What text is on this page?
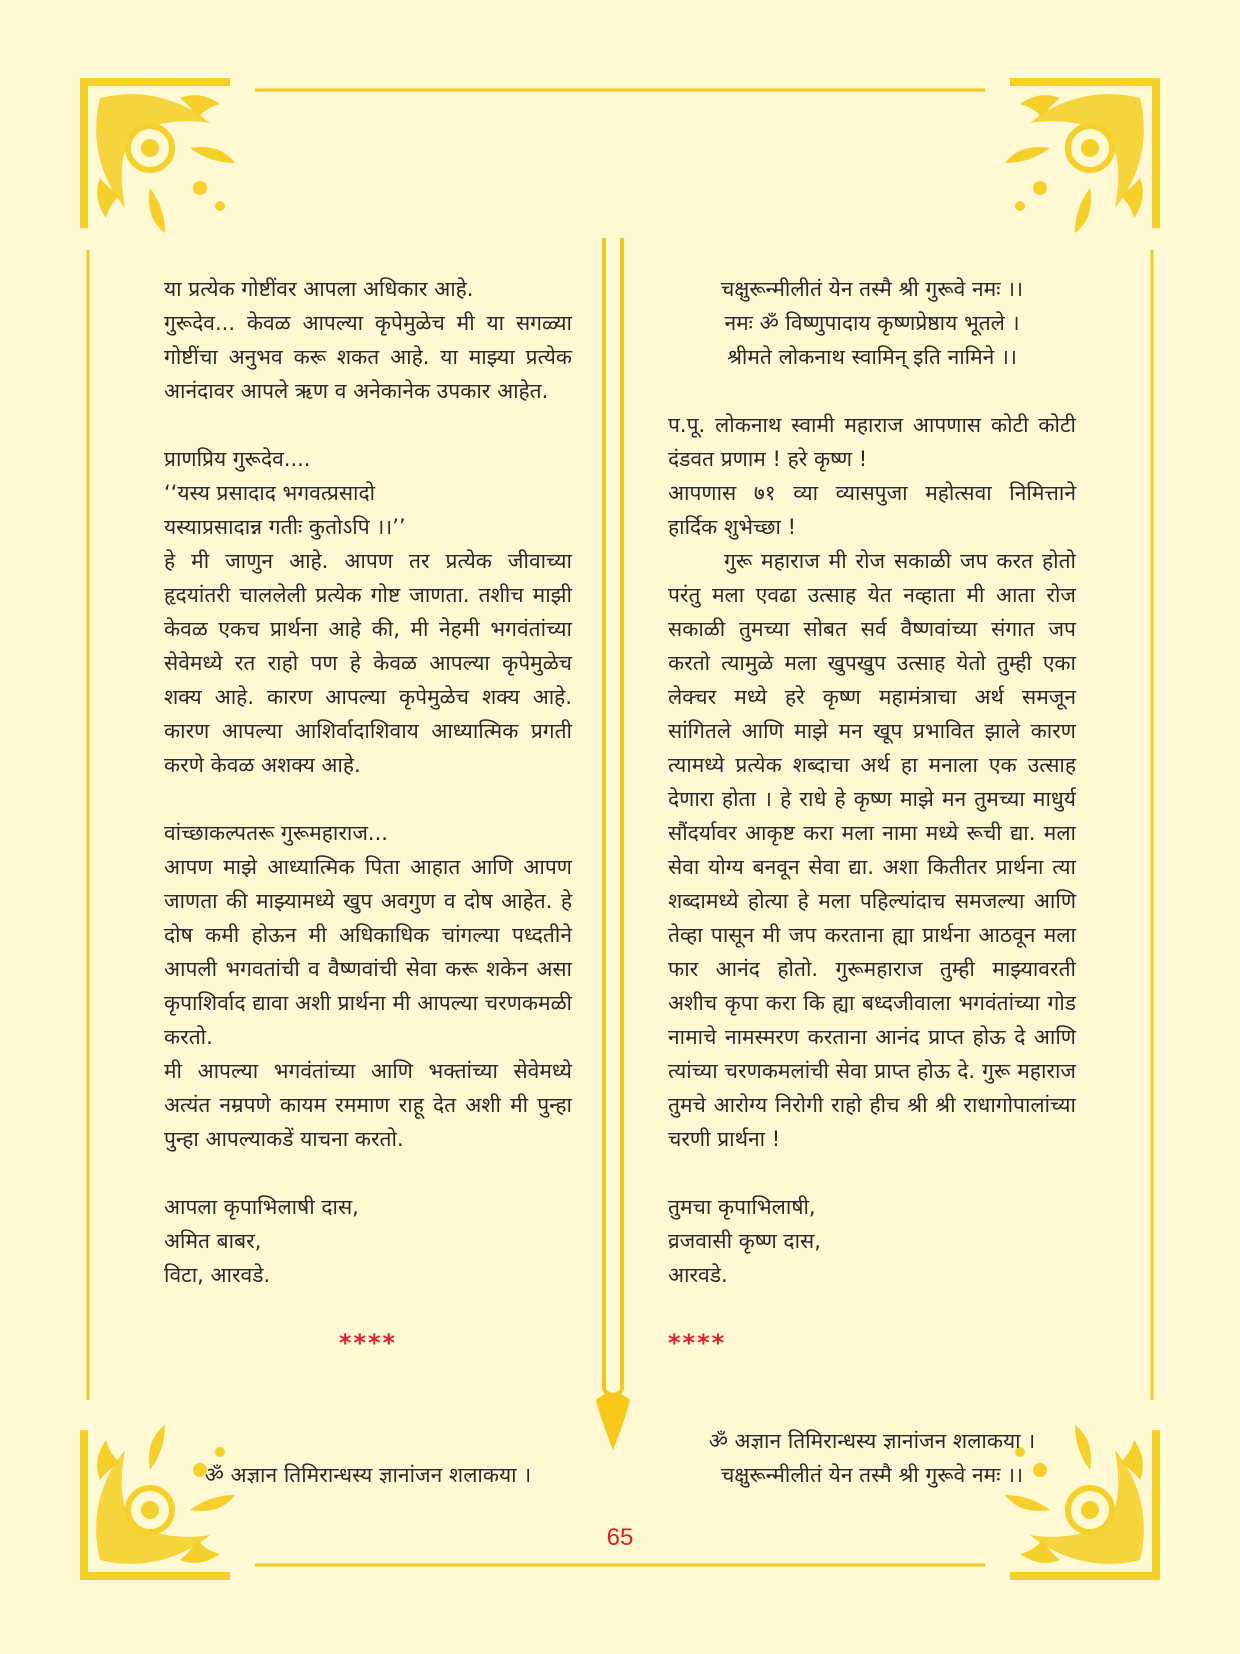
या प्रत्येक गोष्टींवर आपला अधिकार आहे.

गुरूदेव... केवळ आपल्या कृपेमुळेच मी या सगळ्या गोष्टींचा अनुभव करू शकत आहे. या माझ्या प्रत्येक आनंदावर आपले ऋण व अनेकानेक उपकार आहेत.

प्राणप्रिय गुरूदेव....

‘‘यस्य प्रसादाद भगवत्प्रसादो

यस्याप्रसादान्न गतीः कुतोऽपि ।।’’

हे मी जाणुन आहे. आपण तर प्रत्येक जीवाच्या हृदयांतरी चाललेली प्रत्येक गोष्ट जाणता. तशीच माझी केवळ एकच प्रार्थना आहे की, मी नेहमी भगवंतांच्या सेवेमध्ये रत राहो पण हे केवळ आपल्या कृपेमुळेच शक्य आहे. कारण आपल्या कृपेमुळेच शक्य आहे. कारण आपल्या आशिर्वादाशिवाय आध्यात्मिक प्रगती करणे केवळ अशक्य आहे.

वांच्छाकल्पतरू गुरूमहाराज...

आपण माझे आध्यात्मिक पिता आहात आणि आपण जाणता की माझ्यामध्ये खुप अवगुण व दोष आहेत. हे दोष कमी होऊन मी अधिकाधिक चांगल्या पध्दतीने आपली भगवतांची व वैष्णवांची सेवा करू शकेन असा कृपाशिर्वाद द्यावा अशी प्रार्थना मी आपल्या चरणकमळी करतो.

मी आपल्या भगवंतांच्या आणि भक्तांच्या सेवेमध्ये अत्यंत नम्रपणे कायम रममाण राहू देत अशी मी पुन्हा पुन्हा आपल्याकडें याचना करतो.

आपला कृपाभिलाषी दास,

अमित बाबर,

विटा, आरवडे.

****

ॐ अज्ञान तिमिरान्धस्य ज्ञानांजन शलाकया ।

चक्षुरून्मीलीतं येन तस्मै श्री गुरूवे नमः ।।

नमः ॐ विष्णुपादाय कृष्णप्रेष्ठाय भूतले ।

श्रीमते लोकनाथ स्वामिन् इति नामिने ।।

प.पू. लोकनाथ स्वामी महाराज आपणास कोटी कोटी दंडवत प्रणाम ! हरे कृष्ण !

आपणास ७१ व्या व्यासपुजा महोत्सवा निमित्ताने हार्दिक शुभेच्छा !

गुरू महाराज मी रोज सकाळी जप करत होतो परंतु मला एवढा उत्साह येत नव्हाता मी आता रोज सकाळी तुमच्या सोबत सर्व वैष्णवांच्या संगात जप करतो त्यामुळे मला खुपखुप उत्साह येतो तुम्ही एका लेक्चर मध्ये हरे कृष्ण महामंत्राचा अर्थ समजून सांगितले आणि माझे मन खूप प्रभावित झाले कारण त्यामध्ये प्रत्येक शब्दाचा अर्थ हा मनाला एक उत्साह देणारा होता । हे राधे हे कृष्ण माझे मन तुमच्या माधुर्य सौंदर्यावर आकृष्ट करा मला नामा मध्ये रूची द्या. मला सेवा योग्य बनवून सेवा द्या. अशा कितीतर प्रार्थना त्या शब्दामध्ये होत्या हे मला पहिल्यांदाच समजल्या आणि तेव्हा पासून मी जप करताना ह्या प्रार्थना आठवून मला फार आनंद होतो. गुरूमहाराज तुम्ही माझ्यावरती अशीच कृपा करा कि ह्या बध्दजीवाला भगवंतांच्या गोड नामाचे नामस्मरण करताना आनंद प्राप्त होऊ दे आणि त्यांच्या चरणकमलांची सेवा प्राप्त होऊ दे. गुरू महाराज तुमचे आरोग्य निरोगी राहो हीच श्री श्री राधागोपालांच्या चरणी प्रार्थना !

तुमचा कृपाभिलाषी,

व्रजवासी कृष्ण दास,

आरवडे.

****

ॐ अज्ञान तिमिरान्धस्य ज्ञानांजन शलाकया ।
चक्षुरून्मीलीतं येन तस्मै श्री गुरूवे नमः ।।
65
